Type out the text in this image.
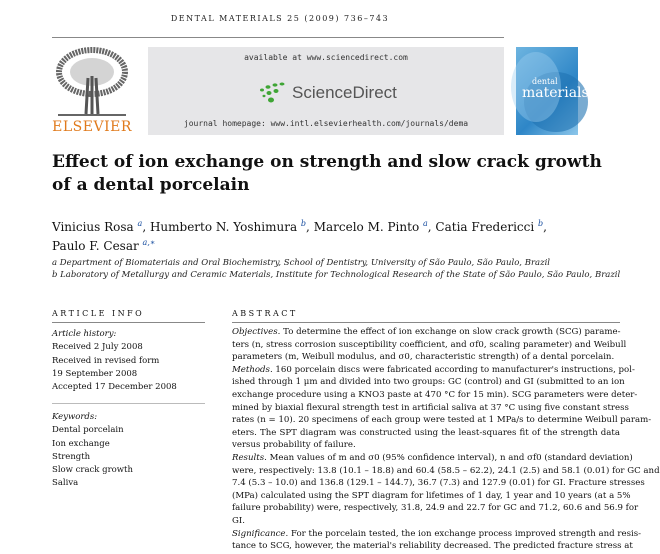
DENTAL MATERIALS 25 (2009) 736–743
ELSEVIER
available at www.sciencedirect.com
ScienceDirect
journal homepage: www.intl.elsevierhealth.com/journals/dema
dental
materials
Effect of ion exchange on strength and slow crack growth of a dental porcelain
Vinicius Rosa $^a$, Humberto N. Yoshimura $^b$, Marcelo M. Pinto $^a$, Catia Fredericci $^b$,
Paulo F. Cesar $^{a,∗}$
a Department of Biomateriais and Oral Biochemistry, School of Dentistry, University of São Paulo, São Paulo, Brazil
b Laboratory of Metallurgy and Ceramic Materials, Institute for Technological Research of the State of São Paulo, São Paulo, Brazil
ARTICLE INFO	ABSTRACT
Article history:
Received 2 July 2008
Received in revised form
19 September 2008
Accepted 17 December 2008
Keywords:
Dental porcelain
Ion exchange
Strength
Slow crack growth
Saliva
Objectives. To determine the effect of ion exchange on slow crack growth (SCG) parame-
ters (n, stress corrosion susceptibility coefficient, and σf0, scaling parameter) and Weibull
parameters (m, Weibull modulus, and σ0, characteristic strength) of a dental porcelain.
Methods. 160 porcelain discs were fabricated according to manufacturer's instructions, pol-
ished through 1 μm and divided into two groups: GC (control) and GI (submitted to an ion
exchange procedure using a KNO3 paste at 470 °C for 15 min). SCG parameters were deter-
mined by biaxial flexural strength test in artificial saliva at 37 °C using five constant stress
rates (n = 10). 20 specimens of each group were tested at 1 MPa/s to determine Weibull param-
eters. The SPT diagram was constructed using the least-squares fit of the strength data
versus probability of failure.
Results. Mean values of m and σ0 (95% confidence interval), n and σf0 (standard deviation)
were, respectively: 13.8 (10.1 – 18.8) and 60.4 (58.5 – 62.2), 24.1 (2.5) and 58.1 (0.01) for GC and
7.4 (5.3 – 10.0) and 136.8 (129.1 – 144.7), 36.7 (7.3) and 127.9 (0.01) for GI. Fracture stresses
(MPa) calculated using the SPT diagram for lifetimes of 1 day, 1 year and 10 years (at a 5%
failure probability) were, respectively, 31.8, 24.9 and 22.7 for GC and 71.2, 60.6 and 56.9 for
GI.
Significance. For the porcelain tested, the ion exchange process improved strength and resis-
tance to SCG, however, the material's reliability decreased. The predicted fracture stress at
